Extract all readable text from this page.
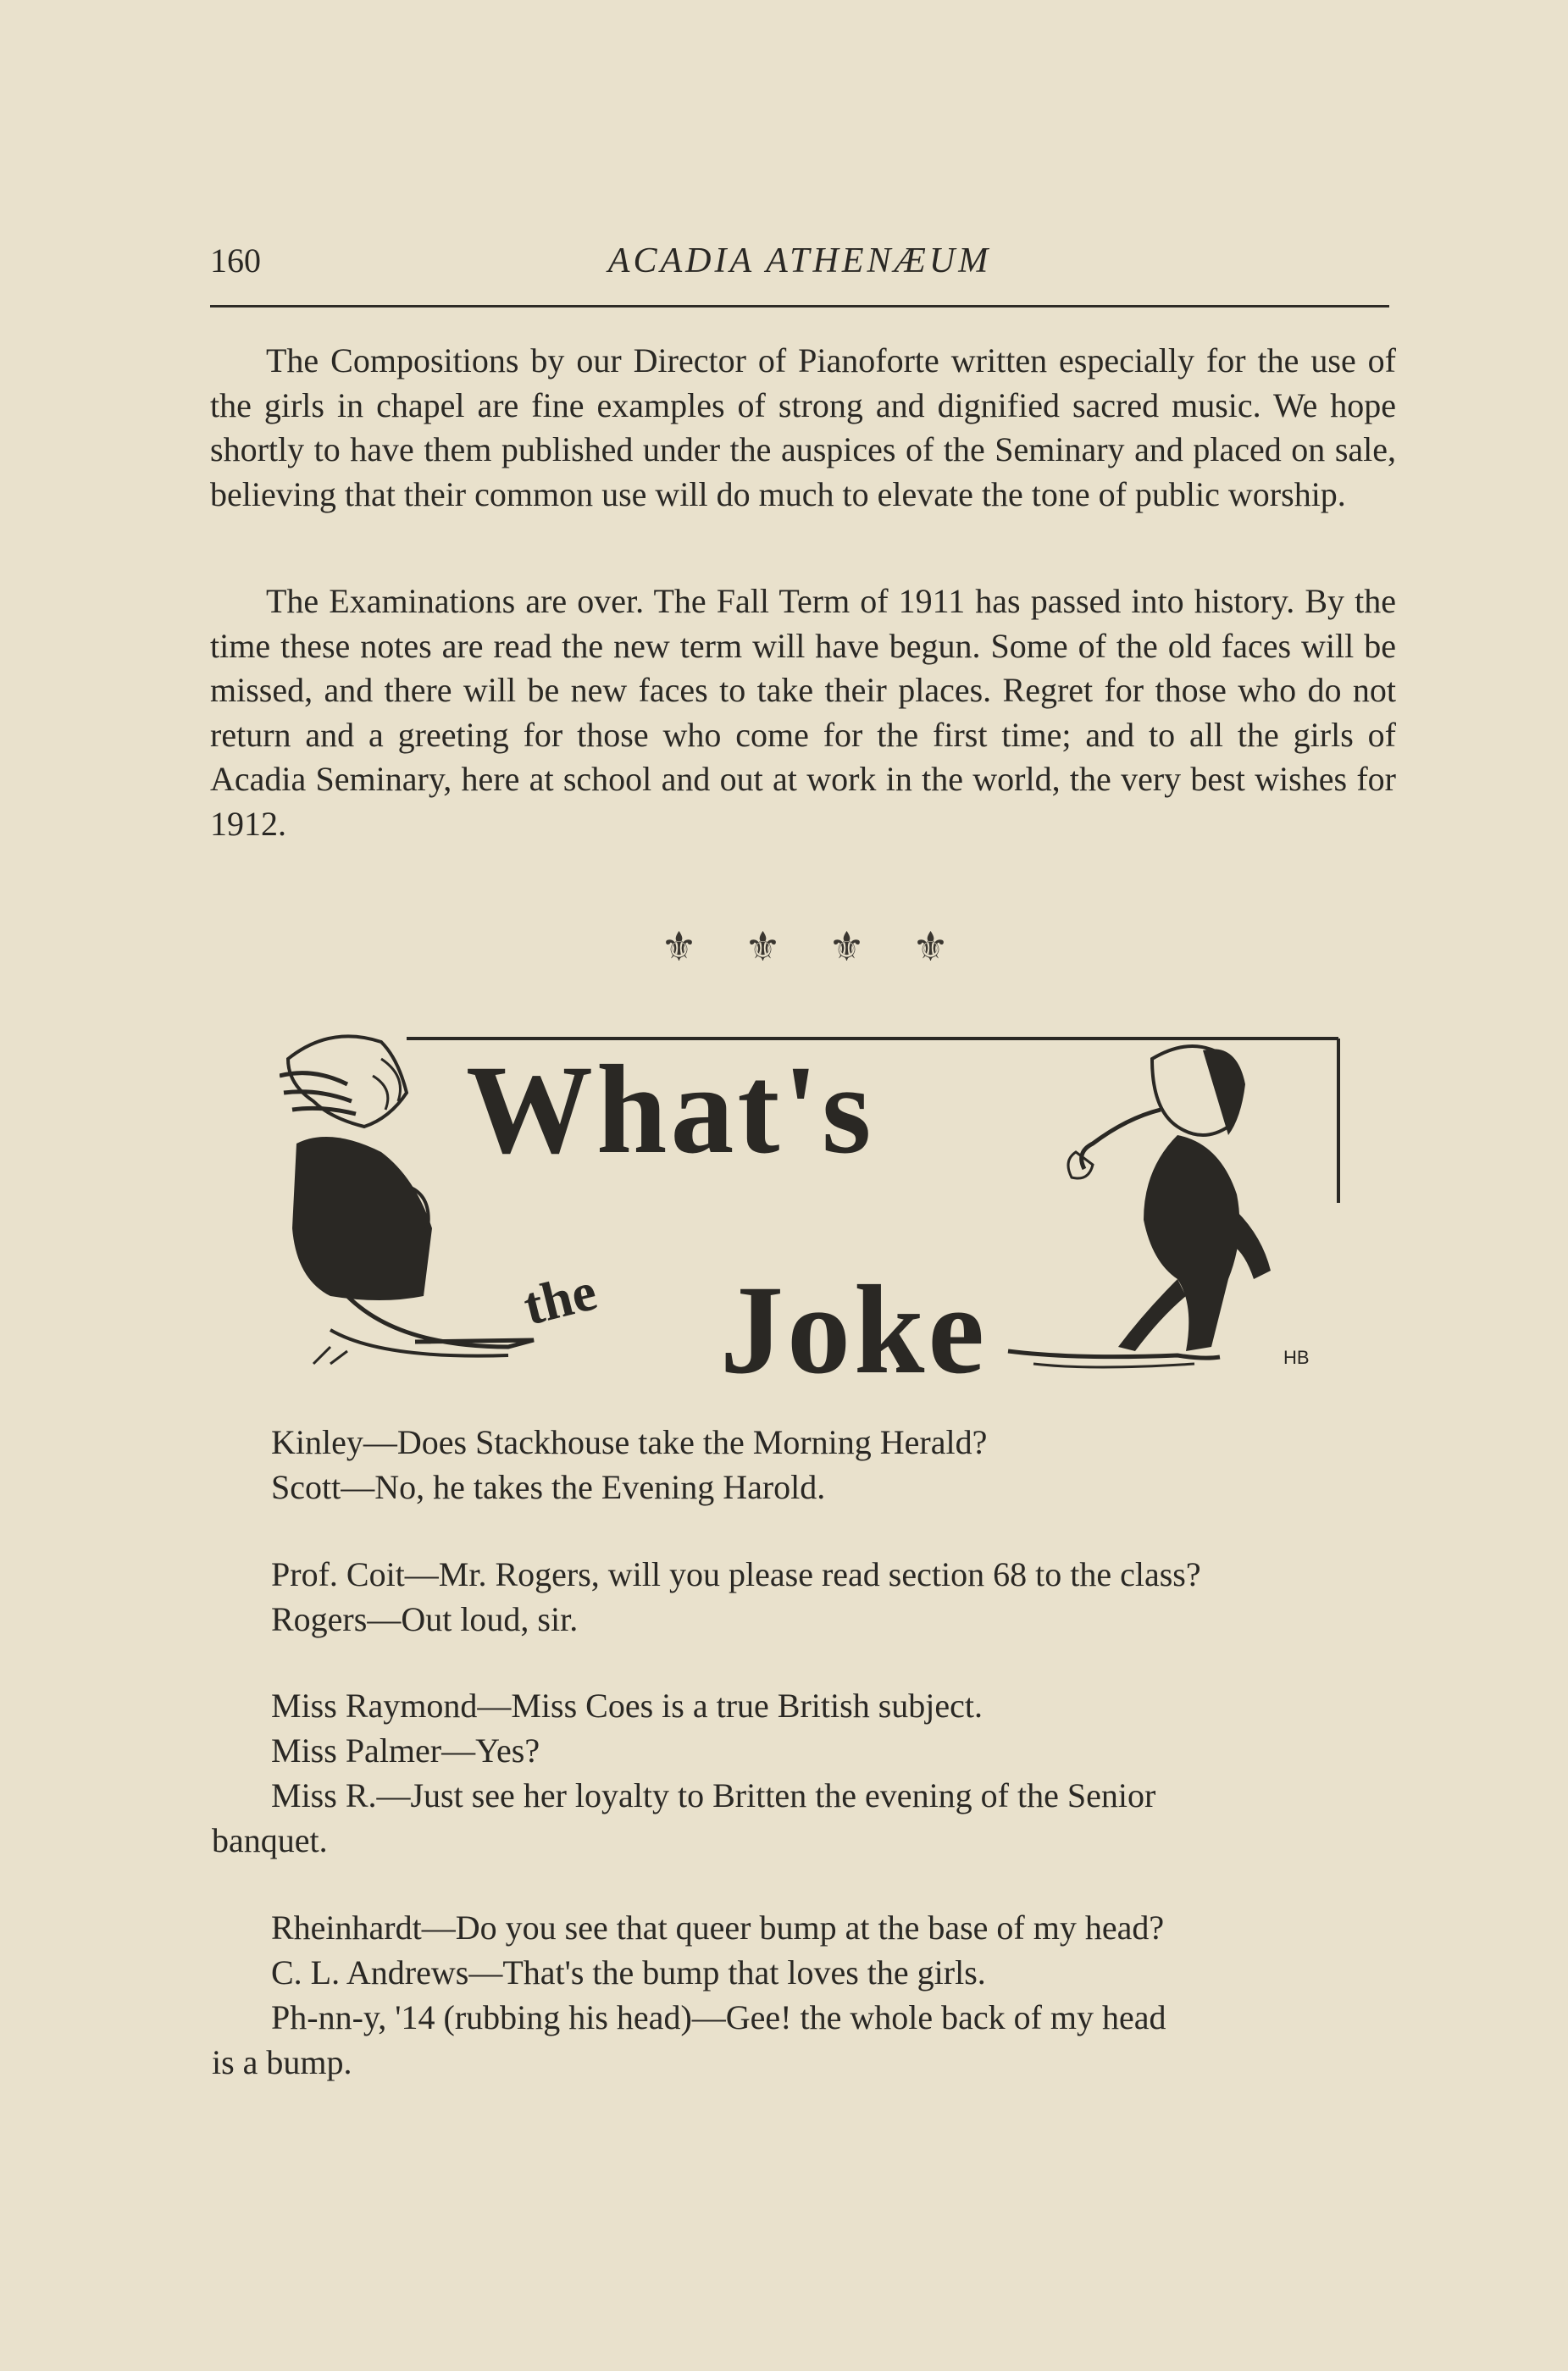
160	ACADIA ATHENÆUM

The Compositions by our Director of Pianoforte written especially for the use of the girls in chapel are fine examples of strong and dignified sacred music. We hope shortly to have them published under the auspices of the Seminary and placed on sale, believing that their common use will do much to elevate the tone of public worship.

The Examinations are over. The Fall Term of 1911 has passed into history. By the time these notes are read the new term will have begun. Some of the old faces will be missed, and there will be new faces to take their places. Regret for those who do not return and a greeting for those who come for the first time; and to all the girls of Acadia Seminary, here at school and out at work in the world, the very best wishes for 1912.

⚜ ⚜ ⚜ ⚜
What's
the Joke	HB

Kinley—Does Stackhouse take the Morning Herald?

Scott—No, he takes the Evening Harold.

Prof. Coit—Mr. Rogers, will you please read section 68 to the class?

Rogers—Out loud, sir.

Miss Raymond—Miss Coes is a true British subject.

Miss Palmer—Yes?

Miss R.—Just see her loyalty to Britten the evening of the Senior

banquet.

Rheinhardt—Do you see that queer bump at the base of my head?

C. L. Andrews—That's the bump that loves the girls.

Ph-nn-y, '14 (rubbing his head)—Gee! the whole back of my head

is a bump.
